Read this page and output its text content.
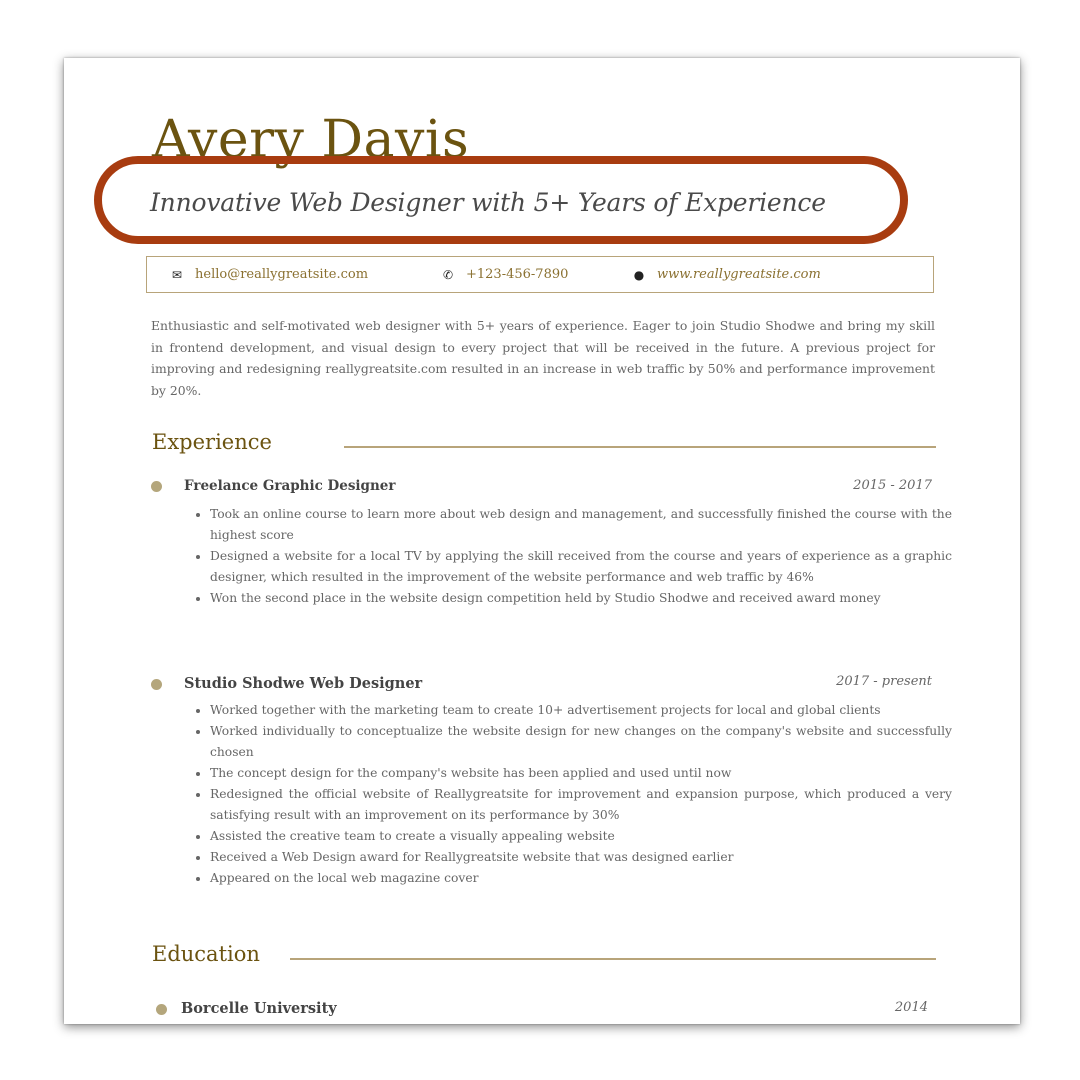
Avery Davis
Innovative Web Designer with 5+ Years of Experience
✉ hello@reallygreatsite.com	✆ +123-456-7890	● www.reallygreatsite.com
Enthusiastic and self-motivated web designer with 5+ years of experience. Eager to join Studio Shodwe and bring my skill in frontend development, and visual design to every project that will be received in the future. A previous project for improving and redesigning reallygreatsite.com resulted in an increase in web traffic by 50% and performance improvement by 20%.
Experience
Freelance Graphic Designer	2015 - 2017
• Took an online course to learn more about web design and management, and successfully finished the course with the highest score
• Designed a website for a local TV by applying the skill received from the course and years of experience as a graphic designer, which resulted in the improvement of the website performance and web traffic by 46%
• Won the second place in the website design competition held by Studio Shodwe and received award money
Studio Shodwe Web Designer	2017 - present
• Worked together with the marketing team to create 10+ advertisement projects for local and global clients
• Worked individually to conceptualize the website design for new changes on the company's website and successfully chosen
• The concept design for the company's website has been applied and used until now
• Redesigned the official website of Reallygreatsite for improvement and expansion purpose, which produced a very satisfying result with an improvement on its performance by 30%
• Assisted the creative team to create a visually appealing website
• Received a Web Design award for Reallygreatsite website that was designed earlier
• Appeared on the local web magazine cover
Education
Borcelle University	2014
